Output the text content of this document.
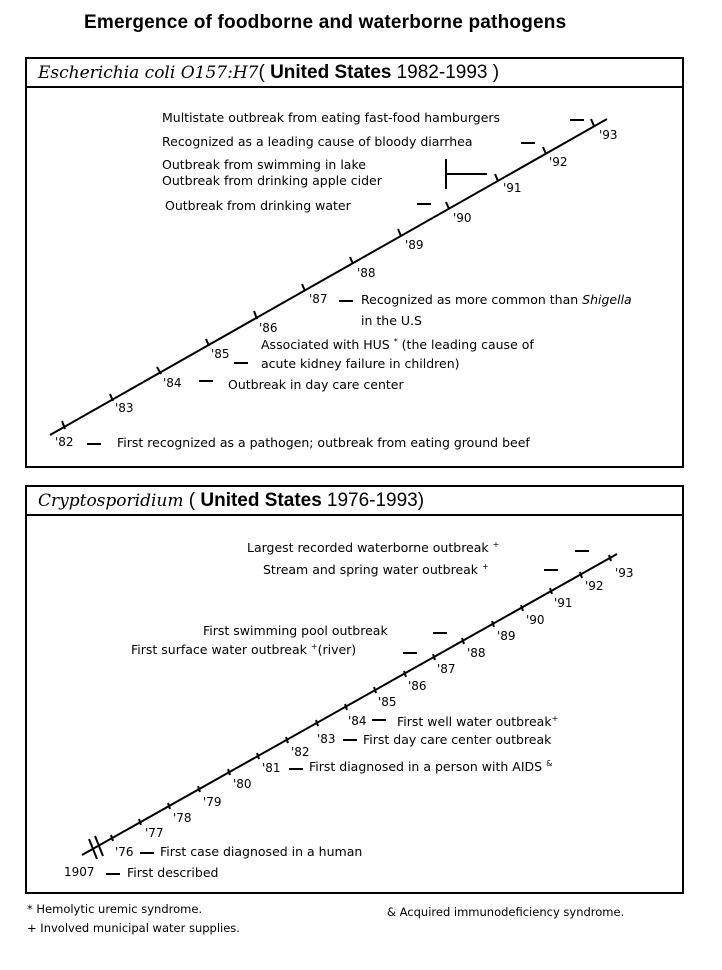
Emergence of foodborne and waterborne pathogens
Escherichia coli O157:H7( United States 1982-1993 )
'82
'83
'84
'85
'86
'87
'88
'89
'90
'91
'92
'93
Multistate outbreak from eating fast-food hamburgers
Recognized as a leading cause of bloody diarrhea
Outbreak from swimming in lake
Outbreak from drinking apple cider
Outbreak from drinking water
Recognized as more common than Shigella
in the U.S
Associated with HUS * (the leading cause of
acute kidney failure in children)
Outbreak in day care center
First recognized as a pathogen; outbreak from eating ground beef
Cryptosporidium ( United States 1976-1993)
1907
'76
'77
'78
'79
'80
'81
'82
'83
'84
'85
'86
'87
'88
'89
'90
'91
'92
'93
Largest recorded waterborne outbreak +
Stream and spring water outbreak +
First swimming pool outbreak
First surface water outbreak +(river)
First well water outbreak+
First day care center outbreak
First diagnosed in a person with AIDS &
First case diagnosed in a human
First described
* Hemolytic uremic syndrome.
+ Involved municipal water supplies.
& Acquired immunodeficiency syndrome.
